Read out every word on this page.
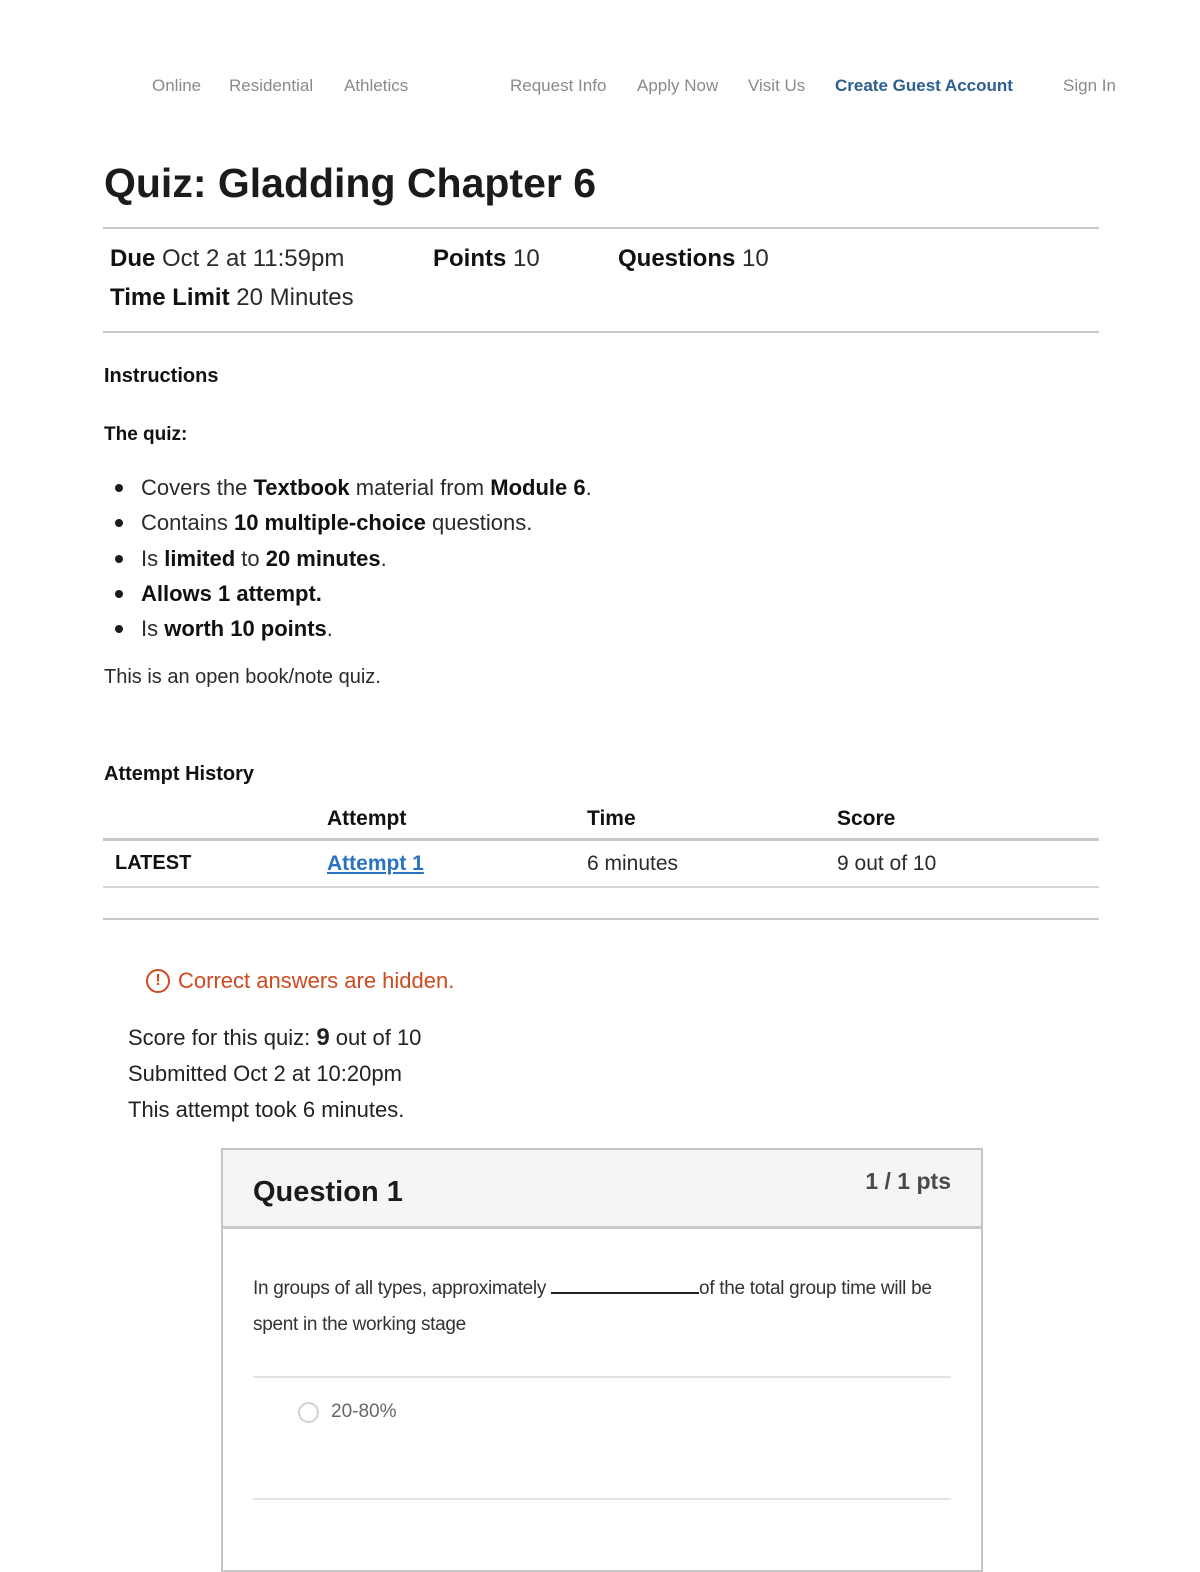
Online Residential Athletics	Request Info Apply Now Visit Us Create Guest Account	Sign In
Quiz: Gladding Chapter 6
Due Oct 2 at 11:59pm	Points 10	Questions 10
Time Limit 20 Minutes
Instructions
The quiz:
Covers the Textbook material from Module 6.
Contains 10 multiple-choice questions.
Is limited to 20 minutes.
Allows 1 attempt.
Is worth 10 points.
This is an open book/note quiz.
Attempt History
	Attempt	Time	Score
LATEST	Attempt 1	6 minutes	9 out of 10
! Correct answers are hidden.
Score for this quiz: 9 out of 10
Submitted Oct 2 at 10:20pm
This attempt took 6 minutes.
Question 1	1 / 1 pts
In groups of all types, approximately	of the total group time will be spent in the working stage
20-80%
